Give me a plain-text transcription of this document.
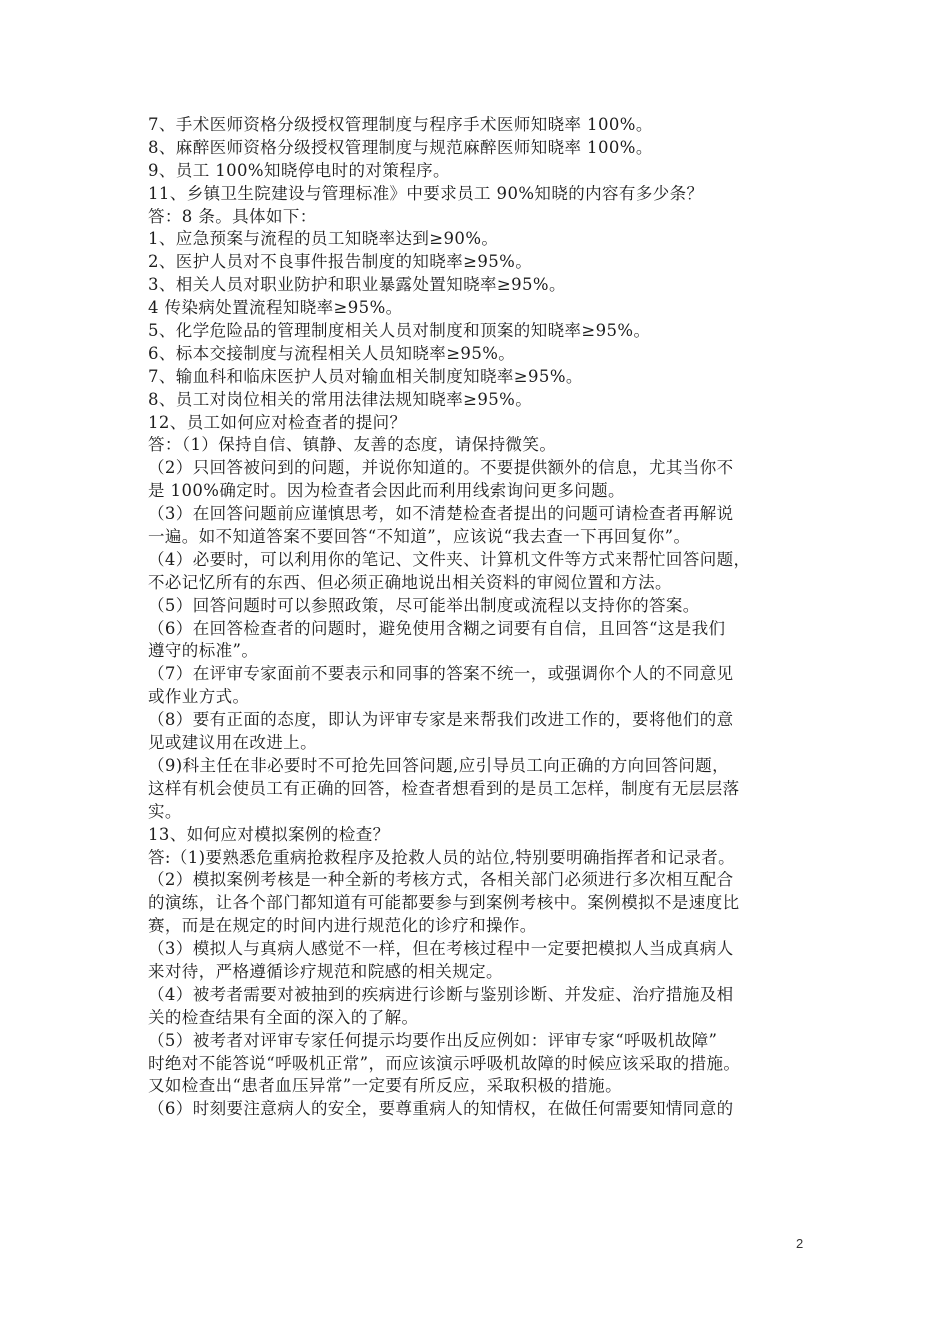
7、手术医师资格分级授权管理制度与程序手术医师知晓率 100%。
8、麻醉医师资格分级授权管理制度与规范麻醉医师知晓率 100%。
9、员工 100%知晓停电时的对策程序。
11、乡镇卫生院建设与管理标准》中要求员工 90%知晓的内容有多少条？
答：8 条。具体如下：
1、应急预案与流程的员工知晓率达到≥90%。
2、医护人员对不良事件报告制度的知晓率≥95%。
3、相关人员对职业防护和职业暴露处置知晓率≥95%。
4 传染病处置流程知晓率≥95%。
5、化学危险品的管理制度相关人员对制度和顶案的知晓率≥95%。
6、标本交接制度与流程相关人员知晓率≥95%。
7、输血科和临床医护人员对输血相关制度知晓率≥95%。
8、员工对岗位相关的常用法律法规知晓率≥95%。
12、员工如何应对检查者的提问？
答：（1）保持自信、镇静、友善的态度，请保持微笑。
（2）只回答被问到的问题，并说你知道的。不要提供额外的信息，尤其当你不
是 100%确定时。因为检查者会因此而利用线索询问更多问题。
（3）在回答问题前应谨慎思考，如不清楚检查者提出的问题可请检查者再解说
一遍。如不知道答案不要回答“不知道”，应该说“我去查一下再回复你”。
（4）必要时，可以利用你的笔记、文件夹、计算机文件等方式来帮忙回答问题，
不必记忆所有的东西、但必须正确地说出相关资料的审阅位置和方法。
（5）回答问题时可以参照政策，尽可能举出制度或流程以支持你的答案。
（6）在回答检查者的问题时，避免使用含糊之词要有自信，且回答“这是我们
遵守的标准”。
（7）在评审专家面前不要表示和同事的答案不统一，或强调你个人的不同意见
或作业方式。
（8）要有正面的态度，即认为评审专家是来帮我们改进工作的，要将他们的意
见或建议用在改进上。
（9)科主任在非必要时不可抢先回答问题,应引导员工向正确的方向回答问题，
这样有机会使员工有正确的回答，检查者想看到的是员工怎样，制度有无层层落
实。
13、如何应对模拟案例的检查？
答:（1)要熟悉危重病抢救程序及抢救人员的站位,特别要明确指挥者和记录者。
（2）模拟案例考核是一种全新的考核方式，各相关部门必须进行多次相互配合
的演练，让各个部门都知道有可能都要参与到案例考核中。案例模拟不是速度比
赛，而是在规定的时间内进行规范化的诊疗和操作。
（3）模拟人与真病人感觉不一样，但在考核过程中一定要把模拟人当成真病人
来对待，严格遵循诊疗规范和院感的相关规定。
（4）被考者需要对被抽到的疾病进行诊断与鉴别诊断、并发症、治疗措施及相
关的检查结果有全面的深入的了解。
（5）被考者对评审专家任何提示均要作出反应例如：评审专家“呼吸机故障”
时绝对不能答说“呼吸机正常”，而应该演示呼吸机故障的时候应该采取的措施。
又如检查出“患者血压异常”一定要有所反应，采取积极的措施。
（6）时刻要注意病人的安全，要尊重病人的知情权，在做任何需要知情同意的
2
